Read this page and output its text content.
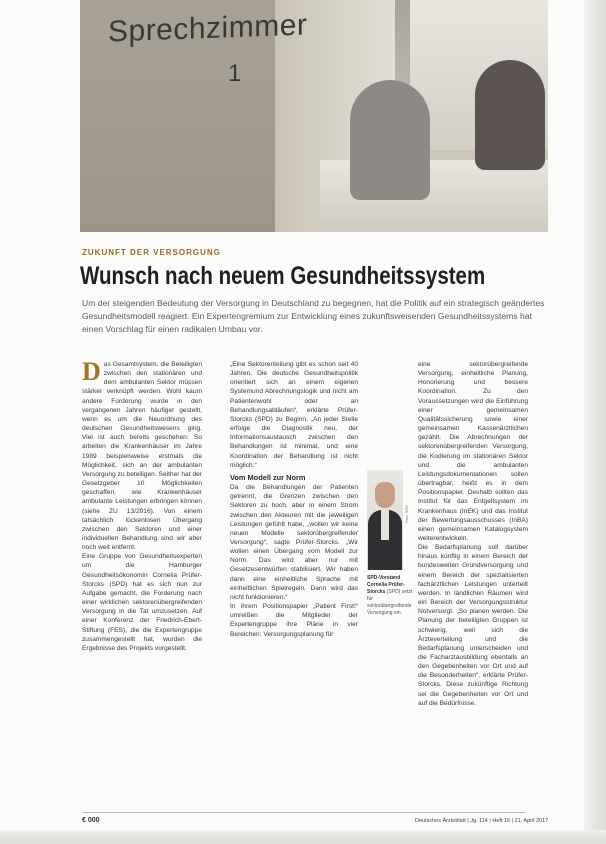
Sprechzimmer
1
ZUKUNFT DER VERSORGUNG
Wunsch nach neuem Gesundheitssystem
Um der steigenden Bedeutung der Versorgung in Deutschland zu begegnen, hat die Politik auf ein strategisch geändertes Gesundheitsmodell reagiert. Ein Expertengremium zur Entwicklung eines zukunftsweisenden Gesundheitssystems hat einen Vorschlag für einen radikalen Umbau vor.
D as Gesamtsystem, die Beteiligten zwischen den stationären und dem ambulanten Sektor müssen stärker verknüpft werden. Wohl kaum andere Forderung wurde in den vergangenen Jahren häufiger gestellt, wenn es um die Neuordnung des deutschen Gesundheitswesens ging. Viel ist auch bereits geschehen: So arbeiten die Krankenhäuser im Jahre 1989 beispielsweise erstmals die Möglichkeit, sich an der ambulanten Versorgung zu beteiligen. Seither hat der Gesetzgeber 10 Möglichkeiten geschaffen, wie Krankenhäuser ambulante Leistungen erbringen können (siehe ZU 13/2016). Von einem tatsächlich lückenlosen Übergang zwischen den Sektoren und einer individuellen Behandlung sind wir aber noch weit entfernt.
Eine Gruppe von Gesundheitsexperten um die Hamburger Gesundheitsökonomin Cornelia Prüfer-Storcks (SPD) hat es sich nun zur Aufgabe gemacht, die Forderung nach einer wirklichen sektorenübergreifenden Versorgung in die Tat umzusetzen. Auf einer Konferenz der Friedrich-Ebert-Stiftung (FES), die die Expertengruppe zusammengestellt hat, wurden die Ergebnisse des Projekts vorgestellt.

„Eine Sektorenteilung gibt es schon seit 40 Jahren. Die deutsche Gesundheitspolitik orientiert sich an einem eigenen Systemund Abrechnungslogik und nicht am Patientenwohl oder an Behandlungsabläufen“, erklärte Prüfer-Storcks (SPD) zu Beginn. „An jeder Stelle erfolge die Diagnostik neu, der Informationsaustausch zwischen den Behandlungen ist minimal, und eine Koordination der Behandlung ist nicht möglich.“

Vom Modell zur Norm

Da die Behandlungen der Patienten getrennt, die Grenzen zwischen den Sektoren zu hoch, aber in einem Strom zwischen den Akteuren mit die jeweiligen Leistungen gefühlt habe, „wollen wir keine neuen Modelle sektorübergreifender Versorgung“, sagte Prüfer-Storcks. „Wir wollen einen Übergang vom Modell zur Norm. Das wird aber nur mit Gesetzesentwürfen stabilisiert. Wir haben dann eine einheitliche Sprache mit einheitlichen Spielregeln. Dann wird das nicht funktionieren.“
In ihrem Positionspapier „Patient First!“ umreißen die Mitglieder der Expertengruppe ihre Pläne in vier Bereichen: Versorgungsplanung für

Foto: SPD
SPD-Vorstand Cornelia Prüfer-Storcks (SPD) setzt für sektorübergreifende Versorgung ein.

eine sektorübergreifende Versorgung, einheitliche Planung, Honorierung und bessere Koordination. Zu den Voraussetzungen wird die Einführung einer gemeinsamen Qualitätssicherung sowie einer gemeinsamen Kassenärztlichen gezählt. Die Abrechnungen der sektorenübergreifenden Versorgung, die Kodierung im stationären Sektor und die ambulanten Leistungsdokumentationen sollen übertragbar, heißt es in dem Positionspapier. Deshalb sollten das Institut für das Entgeltsystem im Krankenhaus (InEK) und das Institut der Bewertungsausschusses (InBA) einen gemeinsamen Katalogsystem weiterentwickeln.
Die Bedarfsplanung soll darüber hinaus künftig in einem Bereich der bundesweiten Grundversorgung und einem Bereich der spezialisierten fachärztlichen Leistungen unterteilt werden. In ländlichen Räumen wird ein Bereich der Versorgungsstruktur Notversorgt. „So planen werden. Die Planung der beteiligten Gruppen ist schwierig, weil sich die Ärzteverteilung und die Bedarfsplanung unterscheiden und die Facharztausbildung ebenfalls an den Gegebenheiten vor Ort und auf die Besonderheiten“, erklärte Prüfer-Storcks. Diese zukünftige Richtung sei die Gegebenheiten vor Ort und auf die Bedürfnisse.

€ 000	Deutsches Ärzteblatt | Jg. 114 | Heft 16 | 21. April 2017
